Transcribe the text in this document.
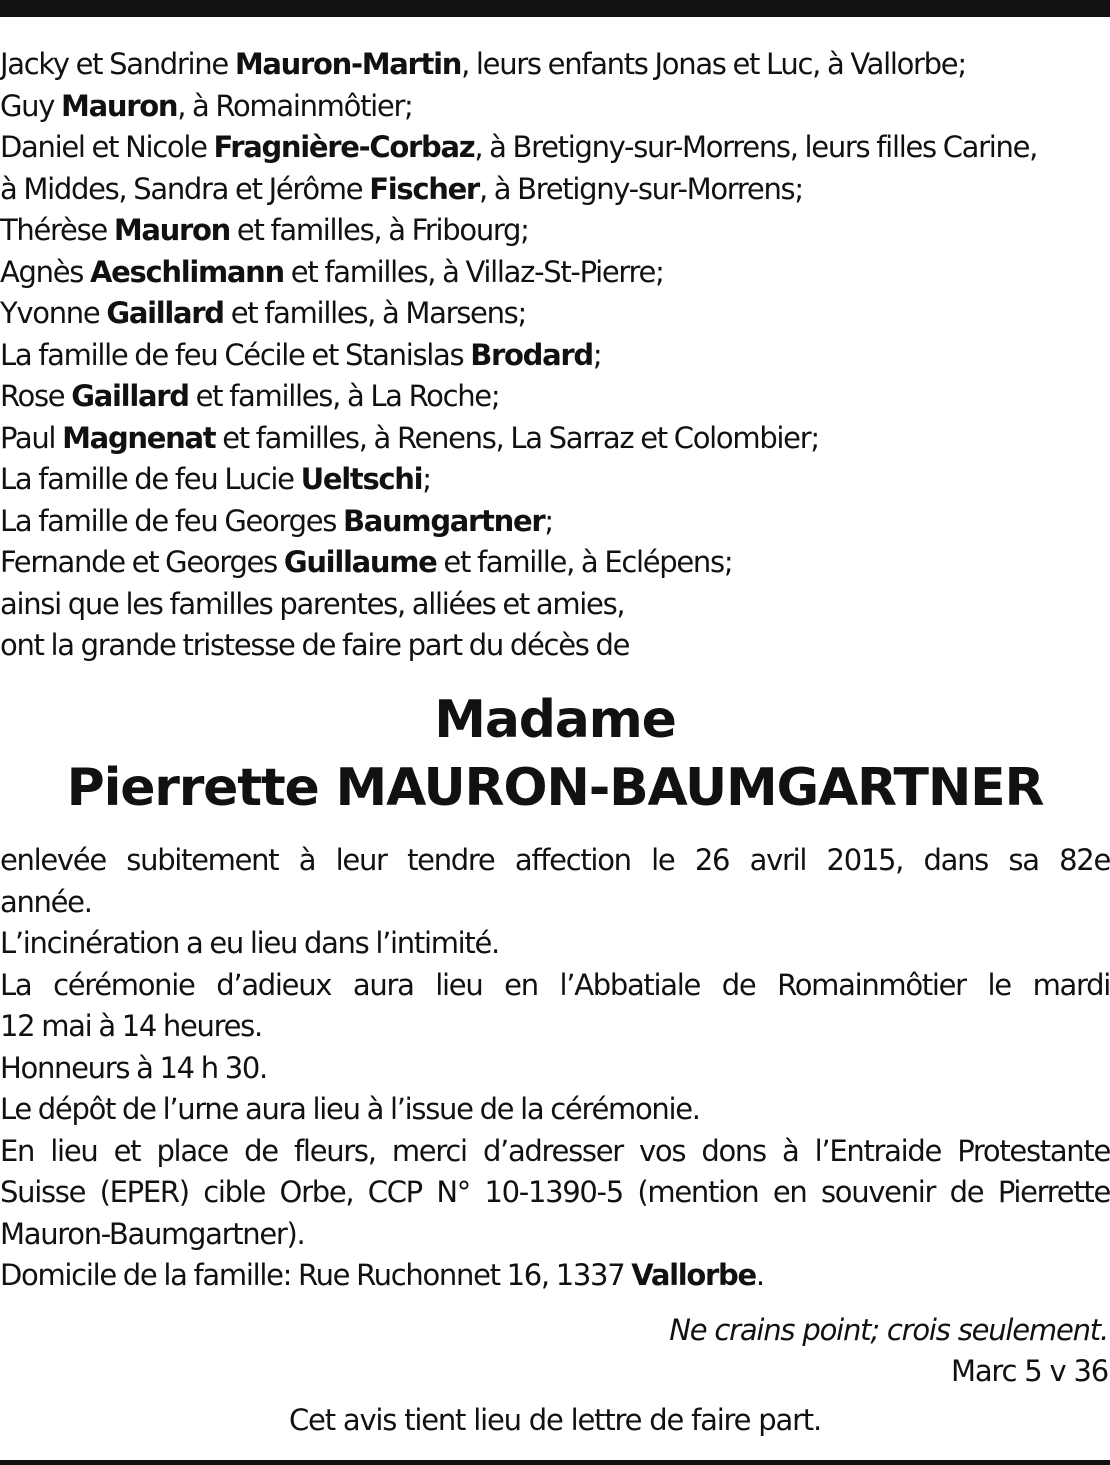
Jacky et Sandrine Mauron-Martin, leurs enfants Jonas et Luc, à Vallorbe;
Guy Mauron, à Romainmôtier;
Daniel et Nicole Fragnière-Corbaz, à Bretigny-sur-Morrens, leurs filles Carine,
à Middes, Sandra et Jérôme Fischer, à Bretigny-sur-Morrens;
Thérèse Mauron et familles, à Fribourg;
Agnès Aeschlimann et familles, à Villaz-St-Pierre;
Yvonne Gaillard et familles, à Marsens;
La famille de feu Cécile et Stanislas Brodard;
Rose Gaillard et familles, à La Roche;
Paul Magnenat et familles, à Renens, La Sarraz et Colombier;
La famille de feu Lucie Ueltschi;
La famille de feu Georges Baumgartner;
Fernande et Georges Guillaume et famille, à Eclépens;
ainsi que les familles parentes, alliées et amies,
ont la grande tristesse de faire part du décès de
Madame
Pierrette MAURON-BAUMGARTNER
enlevée subitement à leur tendre affection le 26 avril 2015, dans sa 82e
année.
L’incinération a eu lieu dans l’intimité.
La cérémonie d’adieux aura lieu en l’Abbatiale de Romainmôtier le mardi
12 mai à 14 heures.
Honneurs à 14 h 30.
Le dépôt de l’urne aura lieu à l’issue de la cérémonie.
En lieu et place de fleurs, merci d’adresser vos dons à l’Entraide Protestante
Suisse (EPER) cible Orbe, CCP N° 10-1390-5 (mention en souvenir de Pierrette
Mauron-Baumgartner).
Domicile de la famille: Rue Ruchonnet 16, 1337 Vallorbe.
Ne crains point; crois seulement.
Marc 5 v 36
Cet avis tient lieu de lettre de faire part.
